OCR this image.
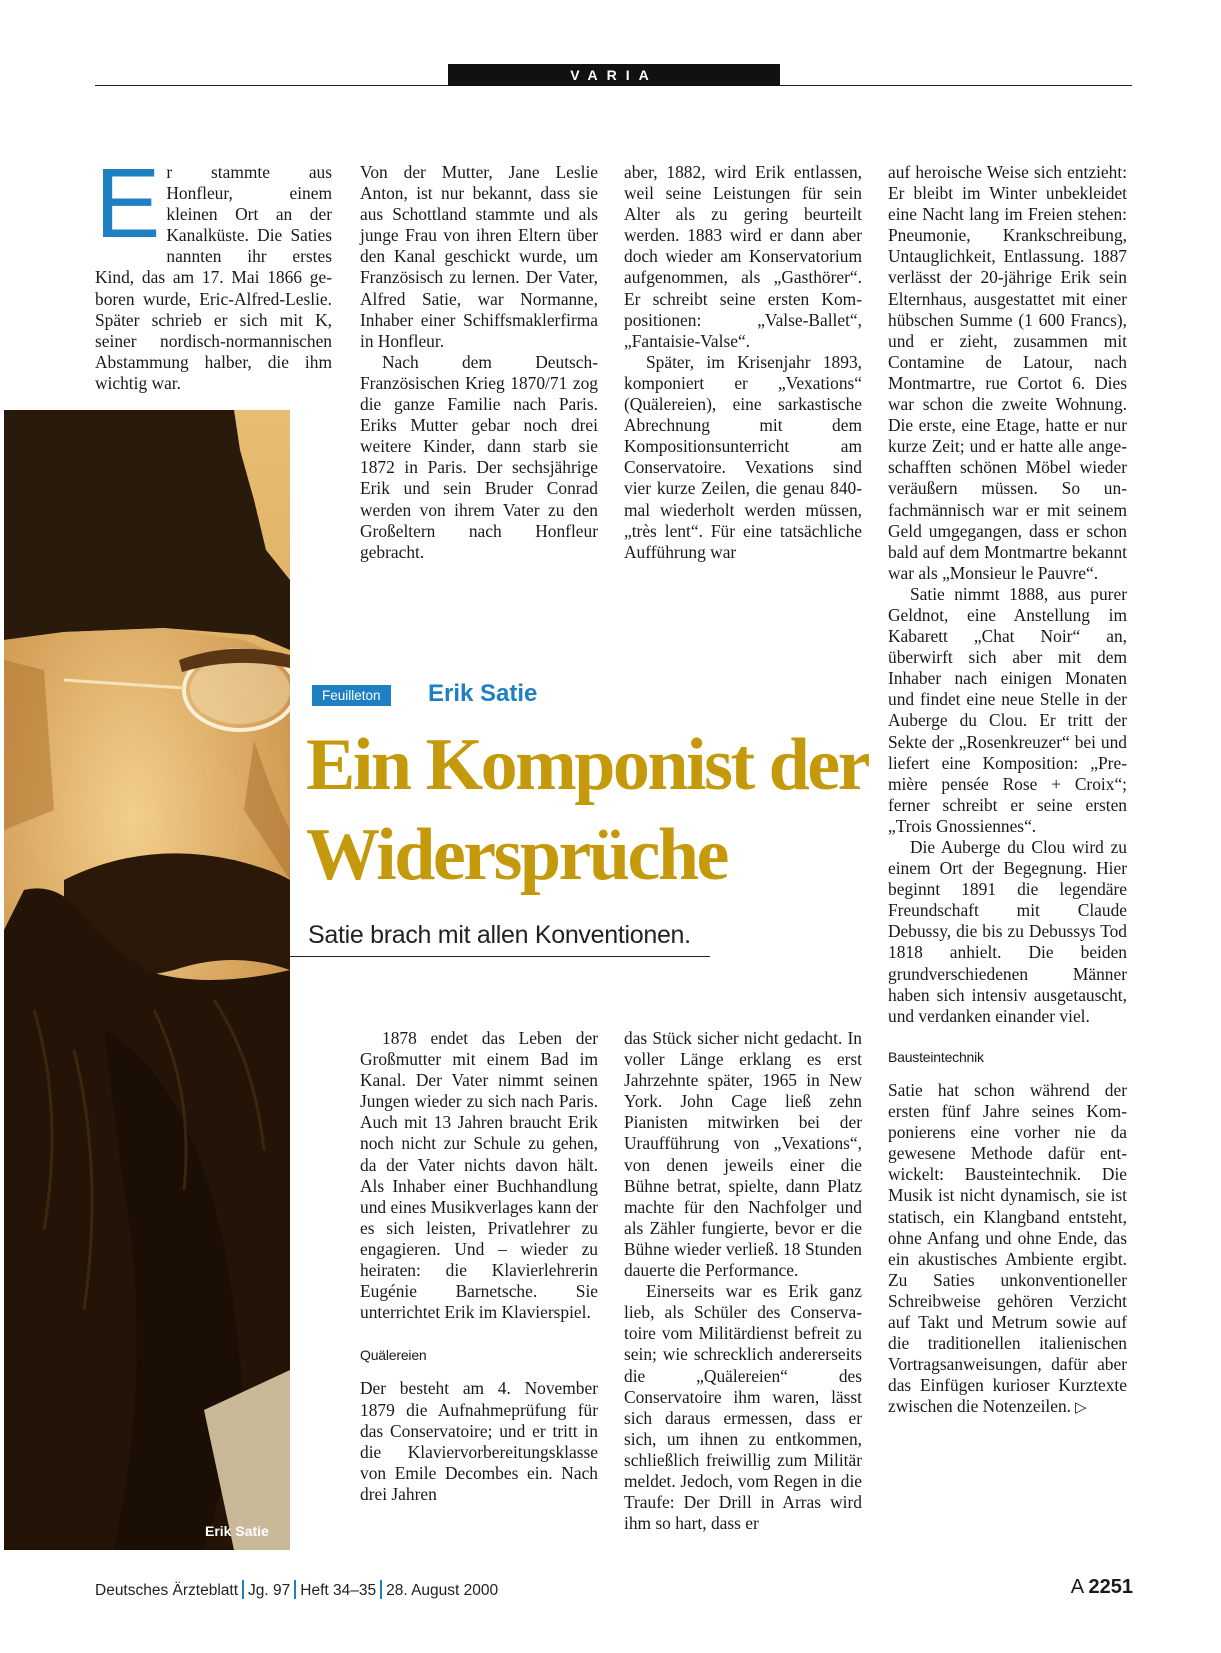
VARIA
E r stammte aus Honfleur, einem kleinen Ort an der Kanalküste. Die Saties nannten ihr erstes Kind, das am 17. Mai 1866 geboren wurde, Eric-Alfred-Leslie. Später schrieb er sich mit K, seiner nordisch-normannischen Abstammung halber, die ihm wichtig war.

Von der Mutter, Jane Leslie Anton, ist nur bekannt, dass sie aus Schottland stammte und als junge Frau von ihren Eltern über den Kanal geschickt wurde, um Französisch zu lernen. Der Vater, Alfred Satie, war Normanne, Inhaber einer Schiffsmaklerfirma in Honfleur.

Nach dem Deutsch-Französischen Krieg 1870/71 zog die ganze Familie nach Paris. Eriks Mutter gebar noch drei weitere Kinder, dann starb sie 1872 in Paris. Der sechsjährige Erik und sein Bruder Conrad werden von ihrem Vater zu den Großeltern nach Honfleur gebracht.

aber, 1882, wird Erik entlassen, weil seine Leistungen für sein Alter als zu gering beurteilt werden. 1883 wird er dann aber doch wieder am Konservatorium aufgenommen, als „Gasthörer“. Er schreibt seine ersten Kompositionen: „Valse-Ballet“, „Fantaisie-Valse“.

Später, im Krisenjahr 1893, komponiert er „Vexations“ (Quälereien), eine sarkastische Abrechnung mit dem Kompositionsunterricht am Conservatoire. Vexations sind vier kurze Zeilen, die genau 840-mal wiederholt werden müssen, „très lent“. Für eine tatsächliche Aufführung war

auf heroische Weise sich entzieht: Er bleibt im Winter unbekleidet eine Nacht lang im Freien stehen: Pneumonie, Krankschreibung, Untauglichkeit, Entlassung. 1887 verlässt der 20-jährige Erik sein Elternhaus, ausgestattet mit einer hübschen Summe (1 600 Francs), und er zieht, zusammen mit Contamine de Latour, nach Montmartre, rue Cortot 6. Dies war schon die zweite Wohnung. Die erste, eine Etage, hatte er nur kurze Zeit; und er hatte alle angeschafften schönen Möbel wieder veräußern müssen. So unfachmännisch war er mit seinem Geld umgegangen, dass er schon bald auf dem Montmartre bekannt war als „Monsieur le Pauvre“.

Satie nimmt 1888, aus purer Geldnot, eine Anstellung im Kabarett „Chat Noir“ an, überwirft sich aber mit dem Inhaber nach einigen Monaten und findet eine neue Stelle in der Auberge du Clou. Er tritt der Sekte der „Rosenkreuzer“ bei und liefert eine Komposition: „Première pensée Rose + Croix“; ferner schreibt er seine ersten „Trois Gnossiennes“.

Die Auberge du Clou wird zu einem Ort der Begegnung. Hier beginnt 1891 die legendäre Freundschaft mit Claude Debussy, die bis zu Debussys Tod 1818 anhielt. Die beiden grundverschiedenen Männer haben sich intensiv ausgetauscht, und verdanken einander viel.

Bausteintechnik

Satie hat schon während der ersten fünf Jahre seines Komponierens eine vorher nie da gewesene Methode dafür entwickelt: Bausteintechnik. Die Musik ist nicht dynamisch, sie ist statisch, ein Klangband entsteht, ohne Anfang und ohne Ende, das ein akustisches Ambiente ergibt. Zu Saties unkonventioneller Schreibweise gehören Verzicht auf Takt und Metrum sowie auf die traditionellen italienischen Vortragsanweisungen, dafür aber das Einfügen kurioser Kurztexte zwischen die Notenzeilen. ▷

Erik Satie
Feuilleton	Erik Satie
Ein Komponist der
Widersprüche
Satie brach mit allen Konventionen.

1878 endet das Leben der Großmutter mit einem Bad im Kanal. Der Vater nimmt seinen Jungen wieder zu sich nach Paris. Auch mit 13 Jahren braucht Erik noch nicht zur Schule zu gehen, da der Vater nichts davon hält. Als Inhaber einer Buchhandlung und eines Musikverlages kann der es sich leisten, Privatlehrer zu engagieren. Und – wieder zu heiraten: die Klavierlehrerin Eugénie Barnetsche. Sie unterrichtet Erik im Klavierspiel.

Quälereien

Der besteht am 4. November 1879 die Aufnahmeprüfung für das Conservatoire; und er tritt in die Klaviervorbereitungsklasse von Emile Decombes ein. Nach drei Jahren

das Stück sicher nicht gedacht. In voller Länge erklang es erst Jahrzehnte später, 1965 in New York. John Cage ließ zehn Pianisten mitwirken bei der Uraufführung von „Vexations“, von denen jeweils einer die Bühne betrat, spielte, dann Platz machte für den Nachfolger und als Zähler fungierte, bevor er die Bühne wieder verließ. 18 Stunden dauerte die Performance.

Einerseits war es Erik ganz lieb, als Schüler des Conservatoire vom Militärdienst befreit zu sein; wie schrecklich andererseits die „Quälereien“ des Conservatoire ihm waren, lässt sich daraus ermessen, dass er sich, um ihnen zu entkommen, schließlich freiwillig zum Militär meldet. Jedoch, vom Regen in die Traufe: Der Drill in Arras wird ihm so hart, dass er

Deutsches Ärzteblatt Jg. 97 Heft 34–35 28. August 2000	A 2251
